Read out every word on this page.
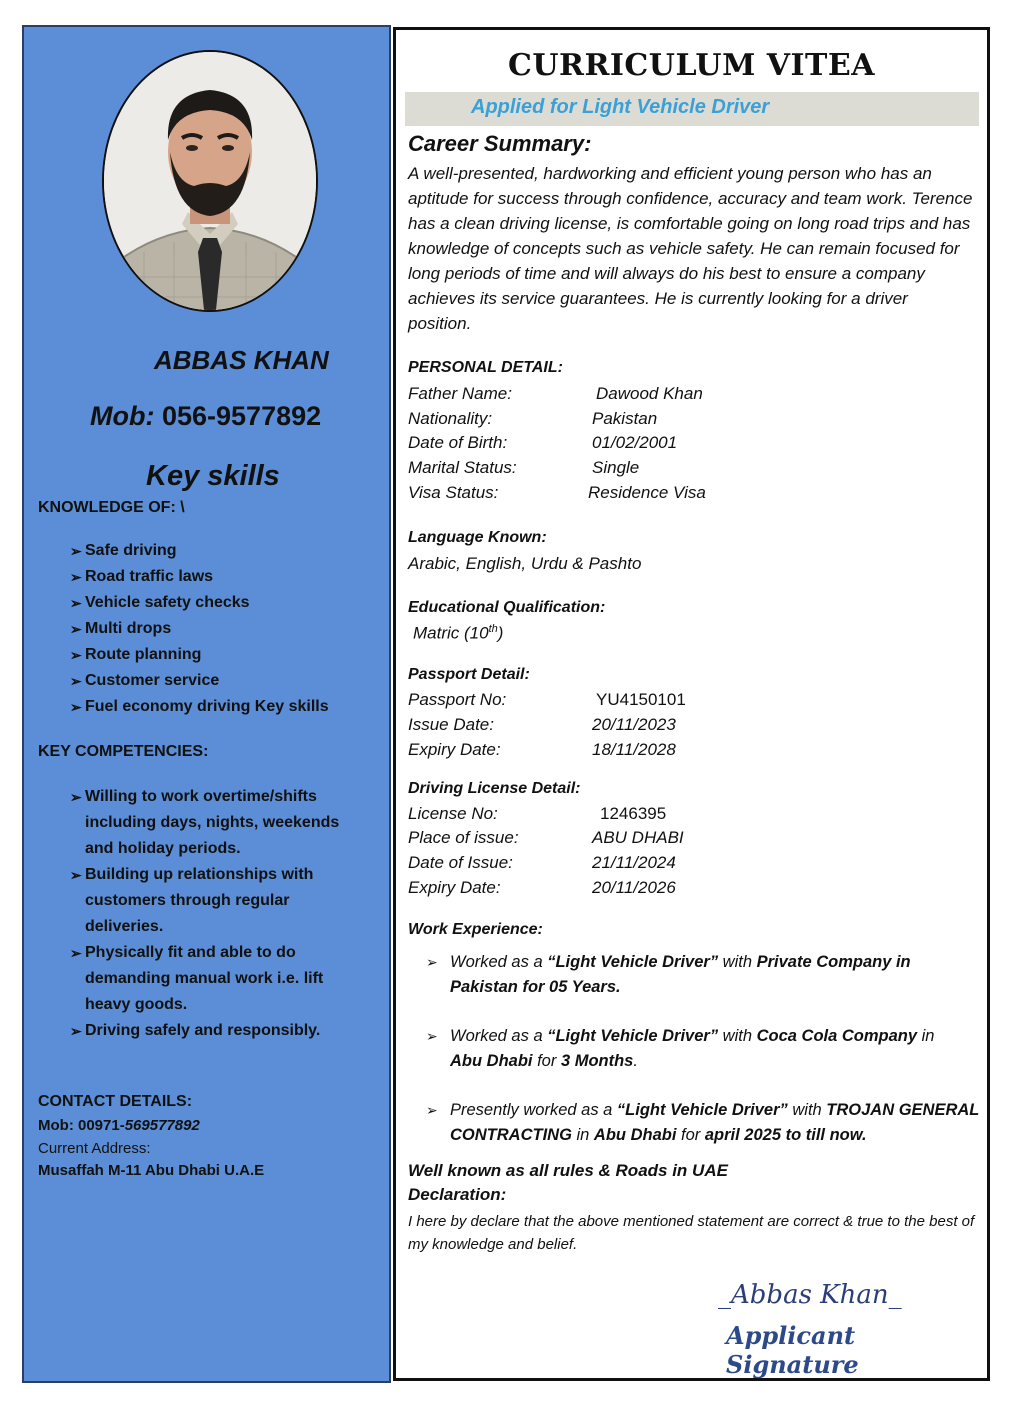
ABBAS KHAN
Mob: 056-9577892
Key skills
KNOWLEDGE OF: \
➢ Safe driving
➢ Road traffic laws
➢ Vehicle safety checks
➢ Multi drops
➢ Route planning
➢ Customer service
➢ Fuel economy driving Key skills
KEY COMPETENCIES:
➢ Willing to work overtime/shifts including days, nights, weekends and holiday periods.
➢ Building up relationships with customers through regular deliveries.
➢ Physically fit and able to do demanding manual work i.e. lift heavy goods.
➢ Driving safely and responsibly.
CONTACT DETAILS:
Mob: 00971-569577892
Current Address:
Musaffah M-11 Abu Dhabi U.A.E
CURRICULUM VITEA
Applied for Light Vehicle Driver
Career Summary:
A well-presented, hardworking and efficient young person who has an aptitude for success through confidence, accuracy and team work. Terence has a clean driving license, is comfortable going on long road trips and has knowledge of concepts such as vehicle safety. He can remain focused for long periods of time and will always do his best to ensure a company achieves its service guarantees. He is currently looking for a driver position.
PERSONAL DETAIL:
Father Name:	Dawood Khan
Nationality:	Pakistan
Date of Birth:	01/02/2001
Marital Status:	Single
Visa Status:	Residence Visa
Language Known:
Arabic, English, Urdu & Pashto
Educational Qualification:
Matric (10th)
Passport Detail:
Passport No:	YU4150101
Issue Date:	20/11/2023
Expiry Date:	18/11/2028
Driving License Detail:
License No:	1246395
Place of issue:	ABU DHABI
Date of Issue:	21/11/2024
Expiry Date:	20/11/2026
Work Experience:
➢ Worked as a “Light Vehicle Driver” with Private Company in Pakistan for 05 Years.
➢ Worked as a “Light Vehicle Driver” with Coca Cola Company in Abu Dhabi for 3 Months.
➢ Presently worked as a “Light Vehicle Driver” with TROJAN GENERAL CONTRACTING in Abu Dhabi for april 2025 to till now.
Well known as all rules & Roads in UAE
Declaration:
I here by declare that the above mentioned statement are correct & true to the best of my knowledge and belief.
_Abbas Khan_
Applicant Signature
